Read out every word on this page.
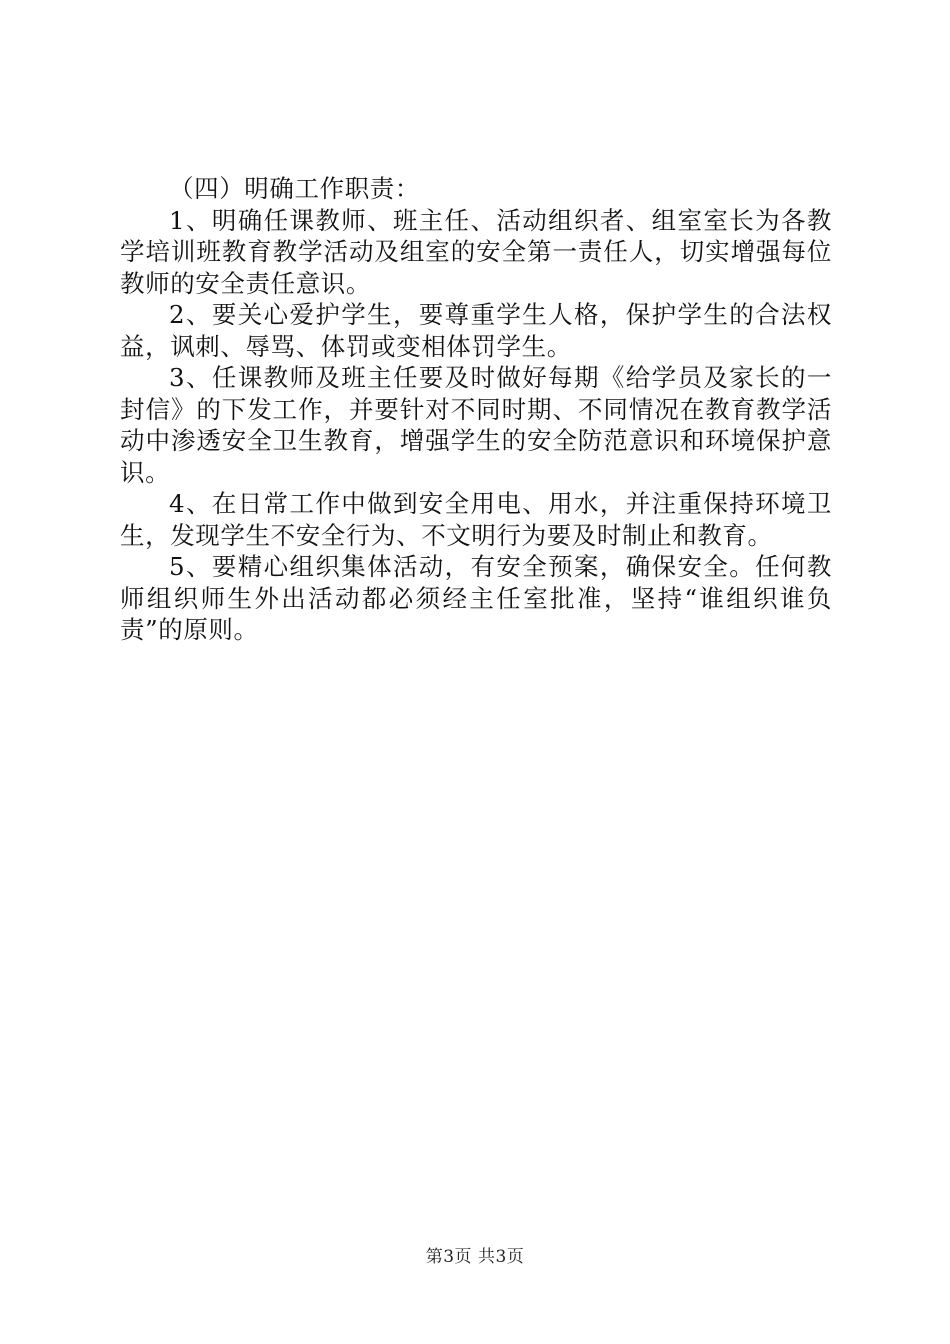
（四）明确工作职责：

1、明确任课教师、班主任、活动组织者、组室室长为各教学培训班教育教学活动及组室的安全第一责任人，切实增强每位教师的安全责任意识。

2、要关心爱护学生，要尊重学生人格，保护学生的合法权益，讽刺、辱骂、体罚或变相体罚学生。

3、任课教师及班主任要及时做好每期《给学员及家长的一封信》的下发工作，并要针对不同时期、不同情况在教育教学活动中渗透安全卫生教育，增强学生的安全防范意识和环境保护意识。

4、在日常工作中做到安全用电、用水，并注重保持环境卫生，发现学生不安全行为、不文明行为要及时制止和教育。

5、要精心组织集体活动，有安全预案，确保安全。任何教师组织师生外出活动都必须经主任室批准，坚持“谁组织谁负责”的原则。

第3页 共3页
